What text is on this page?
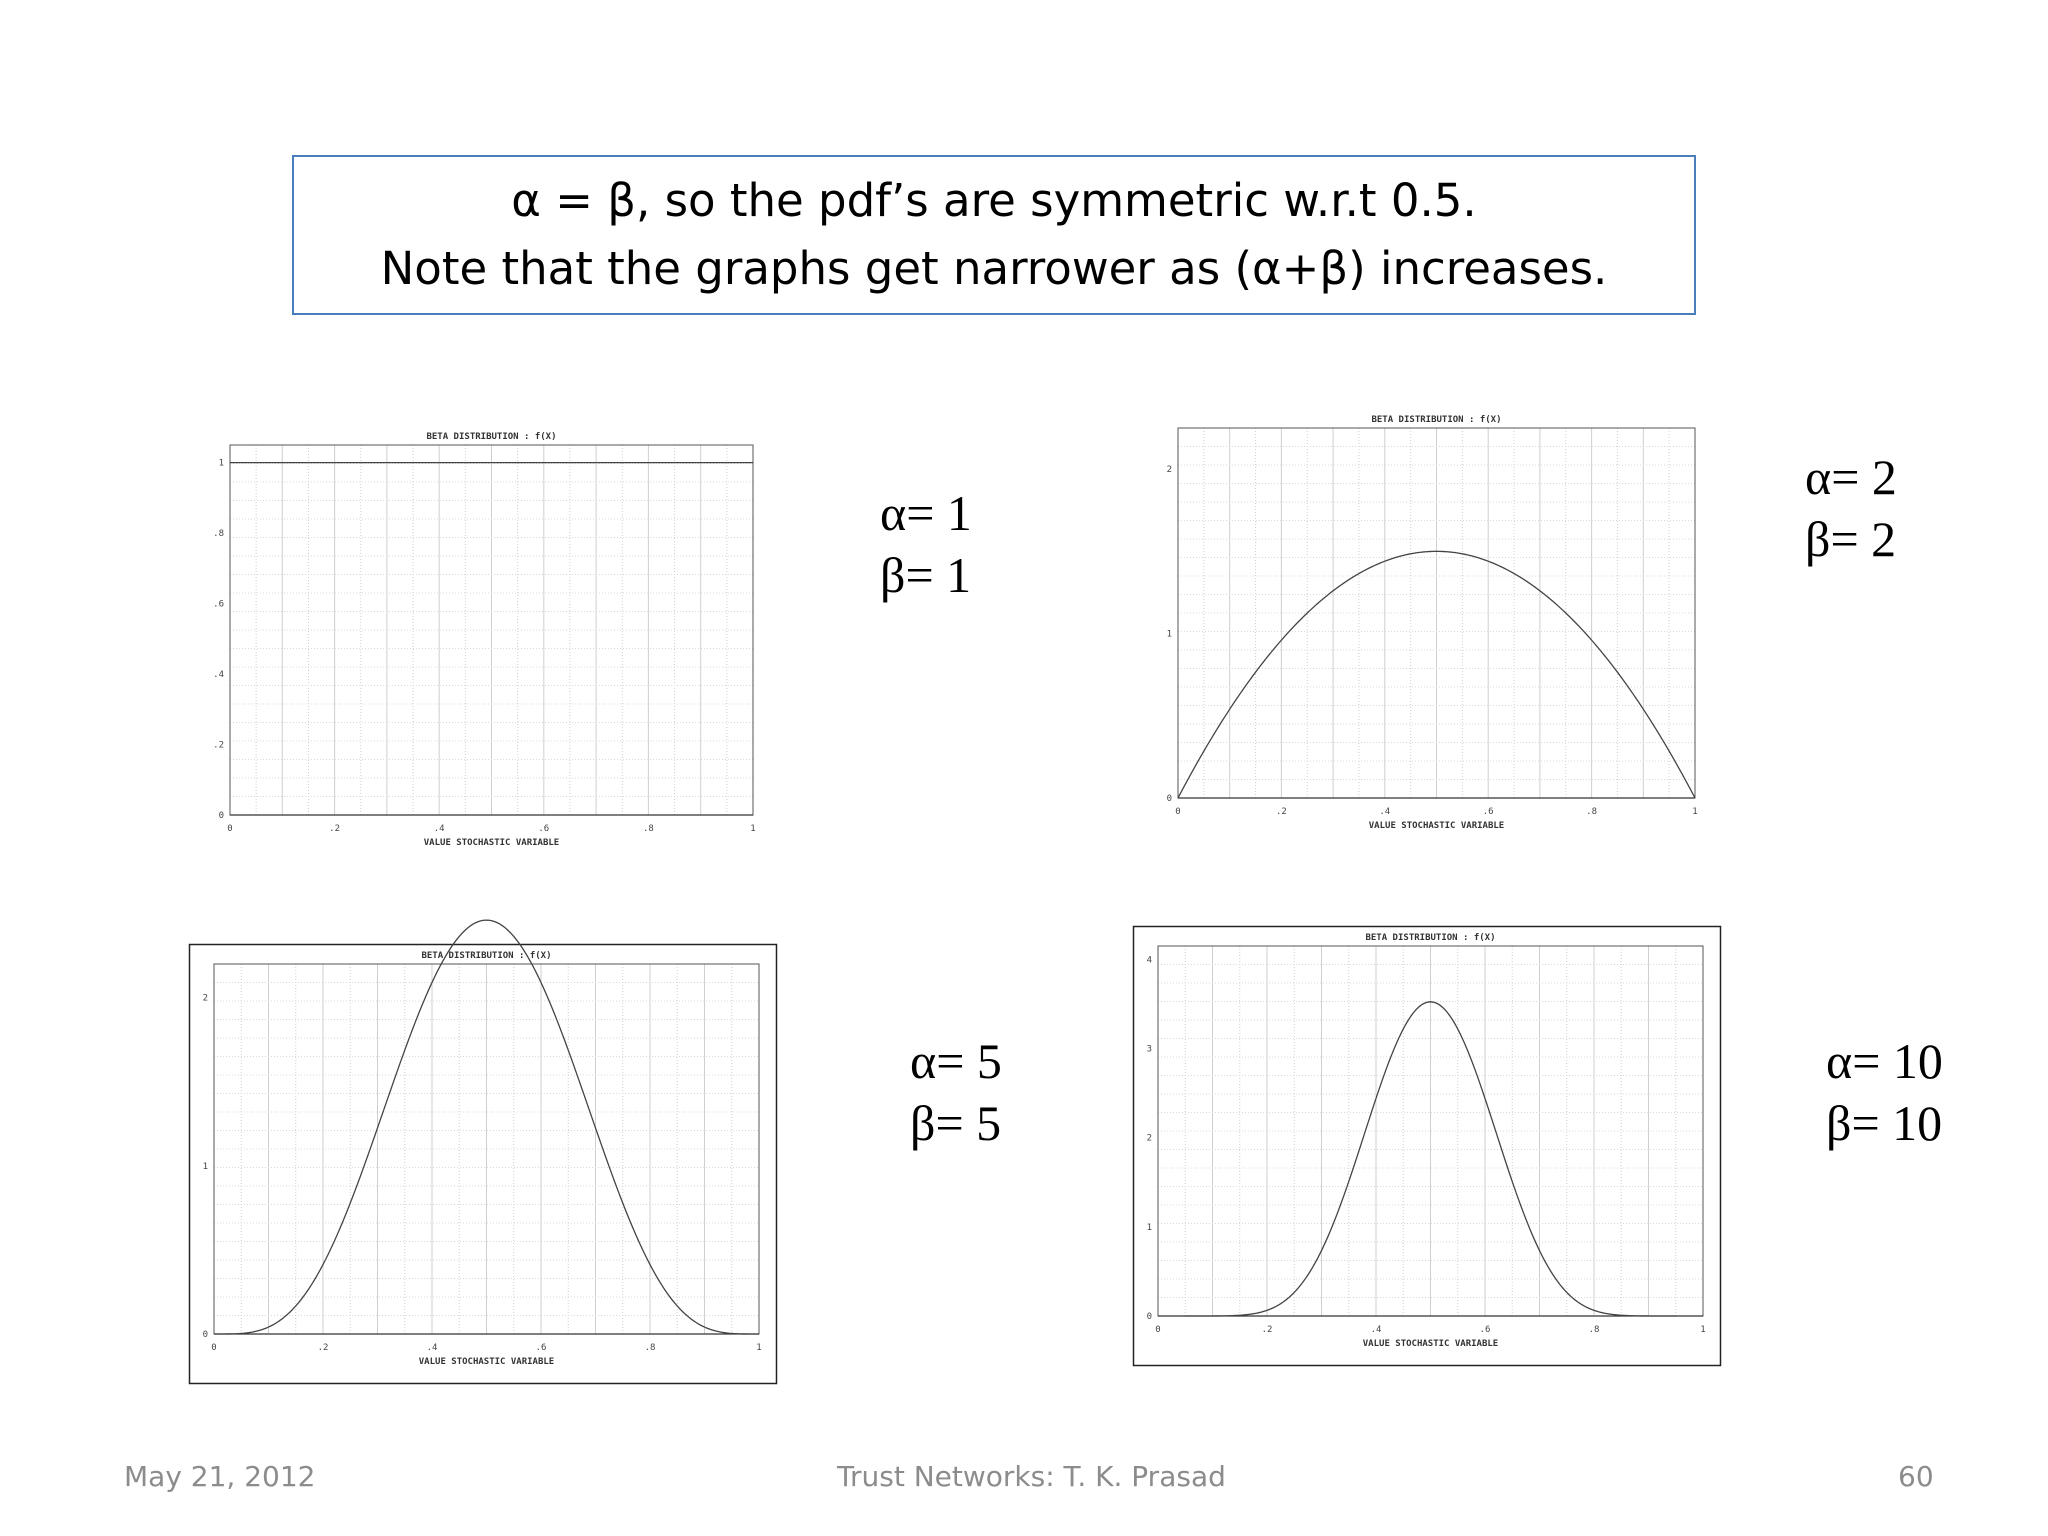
α = β, so the pdf’s are symmetric w.r.t 0.5.
Note that the graphs get narrower as (α+β) increases.
BETA DISTRIBUTION : f(X)
0	.2	.4	.6	.8	1
0
.2
.4
.6
.8
1
VALUE STOCHASTIC VARIABLE
BETA DISTRIBUTION : f(X)
0	.2	.4	.6	.8	1
0
1
2
VALUE STOCHASTIC VARIABLE
BETA DISTRIBUTION : f(X)
0	.2	.4	.6	.8	1
0
1
2
VALUE STOCHASTIC VARIABLE
BETA DISTRIBUTION : f(X)
0	.2	.4	.6	.8	1
0
1
2
3
4
VALUE STOCHASTIC VARIABLE
α= 1
β= 1
α= 2
β= 2
α= 5
β= 5
α= 10
β= 10
May 21, 2012	Trust Networks: T. K. Prasad	60
